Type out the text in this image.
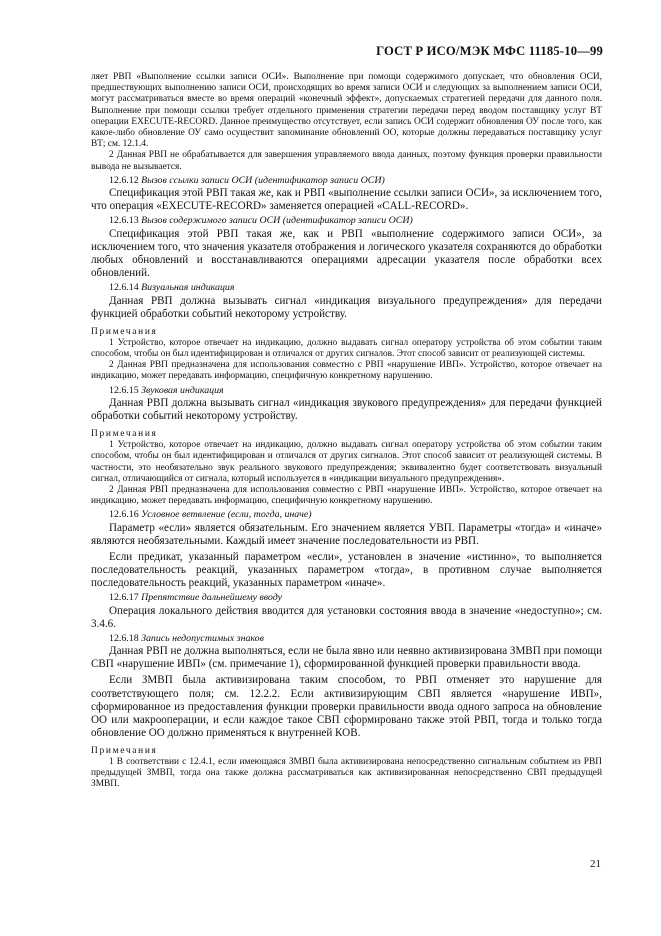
ГОСТ Р ИСО/МЭК МФС 11185-10—99

ляет РВП «Выполнение ссылки записи ОСИ». Выполнение при помощи содержимого допускает, что обновления ОСИ, предшествующих выполнению записи ОСИ, происходящих во время записи ОСИ и следующих за выполнением записи ОСИ, могут рассматриваться вместе во время операций «конечный эффект», допускаемых стратегией передачи для данного поля. Выполнение при помощи ссылки требует отдельного применения стратегии передачи перед вводом поставщику услуг ВТ операции EXECUTE-RECORD. Данное преимущество отсутствует, если запись ОСИ содержит обновления ОУ после того, как какое-либо обновление ОУ само осуществит запоминание обновлений ОО, которые должны передаваться поставщику услуг ВТ; см. 12.1.4.

2 Данная РВП не обрабатывается для завершения управляемого ввода данных, поэтому функция проверки правильности вывода не вызывается.

12.6.12 Вызов ссылки записи ОСИ (идентификатор записи ОСИ)

Спецификация этой РВП такая же, как и РВП «выполнение ссылки записи ОСИ», за исключением того, что операция «EXECUTE-RECORD» заменяется операцией «CALL-RECORD».

12.6.13 Вызов содержимого записи ОСИ (идентификатор записи ОСИ)

Спецификация этой РВП такая же, как и РВП «выполнение содержимого записи ОСИ», за исключением того, что значения указателя отображения и логического указателя сохраняются до обработки любых обновлений и восстанавливаются операциями адресации указателя после обработки всех обновлений.

12.6.14 Визуальная индикация

Данная РВП должна вызывать сигнал «индикация визуального предупреждения» для передачи функцией обработки событий некоторому устройству.

Примечания

1 Устройство, которое отвечает на индикацию, должно выдавать сигнал оператору устройства об этом событии таким способом, чтобы он был идентифицирован и отличался от других сигналов. Этот способ зависит от реализующей системы.

2 Данная РВП предназначена для использования совместно с РВП «нарушение ИВП». Устройство, которое отвечает на индикацию, может передавать информацию, специфичную конкретному нарушению.

12.6.15 Звуковая индикация

Данная РВП должна вызывать сигнал «индикация звукового предупреждения» для передачи функцией обработки событий некоторому устройству.

Примечания

1 Устройство, которое отвечает на индикацию, должно выдавать сигнал оператору устройства об этом событии таким способом, чтобы он был идентифицирован и отличался от других сигналов. Этот способ зависит от реализующей системы. В частности, это необязательно звук реального звукового предупреждения; эквивалентно будет соответствовать визуальный сигнал, отличающийся от сигнала, который используется в «индикации визуального предупреждения».

2 Данная РВП предназначена для использования совместно с РВП «нарушение ИВП». Устройство, которое отвечает на индикацию, может передавать информацию, специфичную конкретному нарушению.

12.6.16 Условное ветвление (если, тогда, иначе)

Параметр «если» является обязательным. Его значением является УВП. Параметры «тогда» и «иначе» являются необязательными. Каждый имеет значение последовательности из РВП.

Если предикат, указанный параметром «если», установлен в значение «истинно», то выполняется последовательность реакций, указанных параметром «тогда», в противном случае выполняется последовательность реакций, указанных параметром «иначе».

12.6.17 Препятствие дальнейшему вводу

Операция локального действия вводится для установки состояния ввода в значение «недоступно»; см. 3.4.6.

12.6.18 Запись недопустимых знаков

Данная РВП не должна выполняться, если не была явно или неявно активизирована ЗМВП при помощи СВП «нарушение ИВП» (см. примечание 1), сформированной функцией проверки правильности ввода.

Если ЗМВП была активизирована таким способом, то РВП отменяет это нарушение для соответствующего поля; см. 12.2.2. Если активизирующим СВП является «нарушение ИВП», сформированное из предоставления функции проверки правильности ввода одного запроса на обновление ОО или макрооперации, и если каждое такое СВП сформировано также этой РВП, тогда и только тогда обновление ОО должно применяться к внутренней КОВ.

Примечания

1 В соответствии с 12.4.1, если имеющаяся ЗМВП была активизирована непосредственно сигнальным событием из РВП предыдущей ЗМВП, тогда она также должна рассматриваться как активизированная непосредственно СВП предыдущей ЗМВП.

21
